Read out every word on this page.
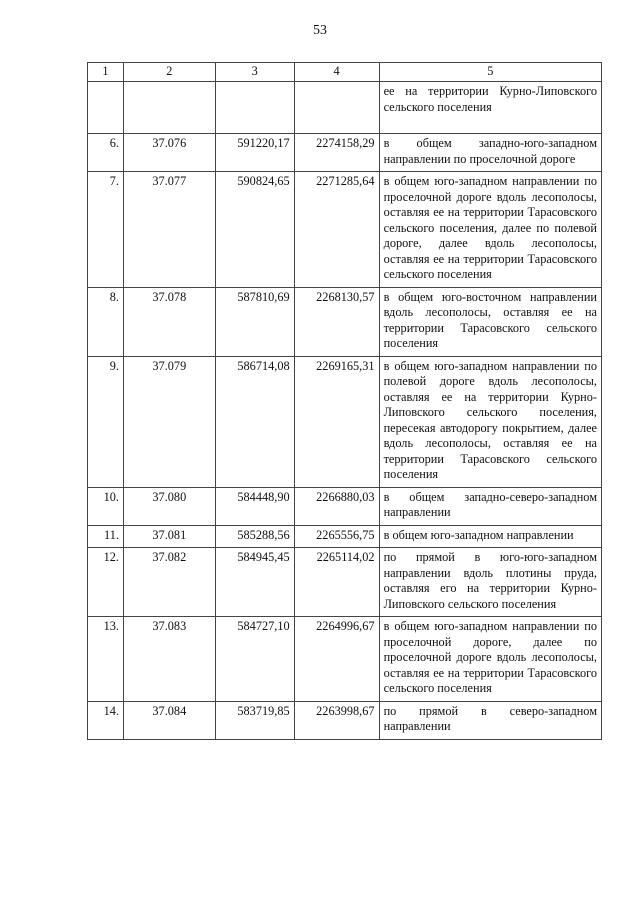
53
1	2	3	4	5
				ее на территории Курно-Липовского сельского поселения
6.	37.076	591220,17	2274158,29	в общем западно-юго-западном направлении по проселочной дороге
7.	37.077	590824,65	2271285,64	в общем юго-западном направлении по проселочной дороге вдоль лесополосы, оставляя ее на территории Тарасовского сельского поселения, далее по полевой дороге, далее вдоль лесополосы, оставляя ее на территории Тарасовского сельского поселения
8.	37.078	587810,69	2268130,57	в общем юго-восточном направлении вдоль лесополосы, оставляя ее на территории Тарасовского сельского поселения
9.	37.079	586714,08	2269165,31	в общем юго-западном направлении по полевой дороге вдоль лесополосы, оставляя ее на территории Курно-Липовского сельского поселения, пересекая автодорогу покрытием, далее вдоль лесополосы, оставляя ее на территории Тарасовского сельского поселения
10.	37.080	584448,90	2266880,03	в общем западно-северо-западном направлении
11.	37.081	585288,56	2265556,75	в общем юго-западном направлении
12.	37.082	584945,45	2265114,02	по прямой в юго-юго-западном направлении вдоль плотины пруда, оставляя его на территории Курно-Липовского сельского поселения
13.	37.083	584727,10	2264996,67	в общем юго-западном направлении по проселочной дороге, далее по проселочной дороге вдоль лесополосы, оставляя ее на территории Тарасовского сельского поселения
14.	37.084	583719,85	2263998,67	по прямой в северо-западном направлении
